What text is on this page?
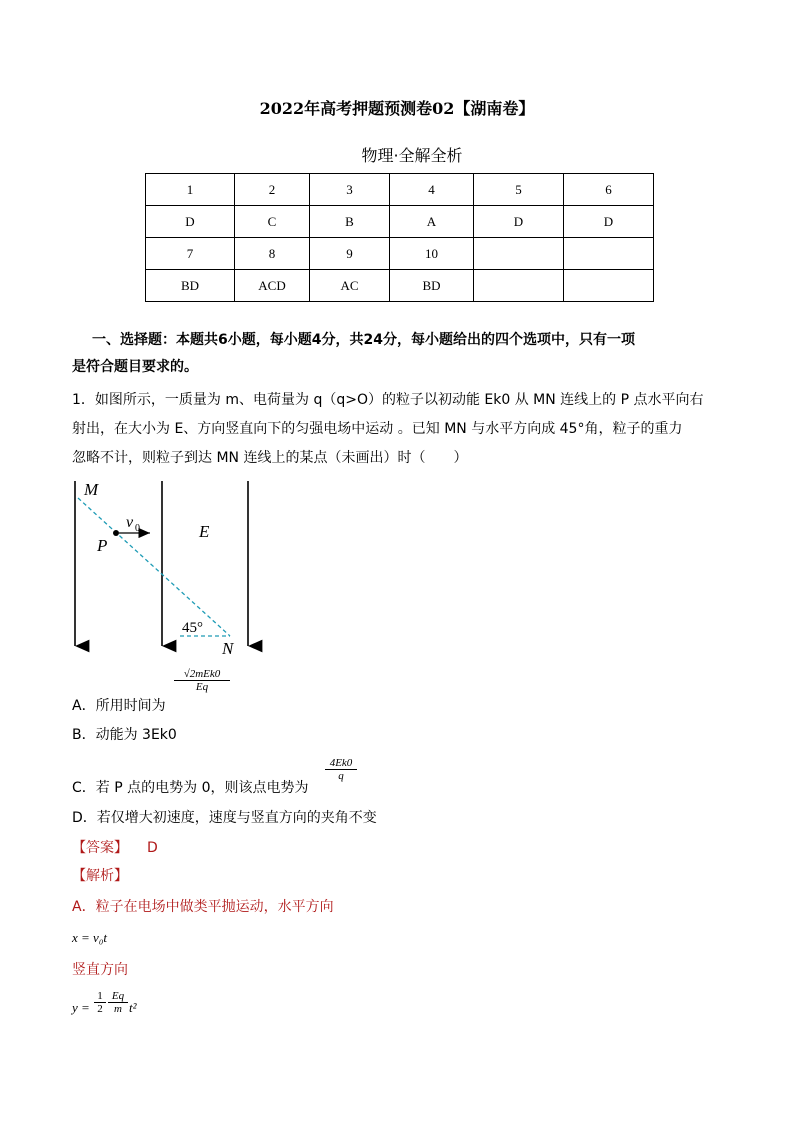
2022年高考押题预测卷02【湖南卷】
物理·全解全析
1	2	3	4	5	6
D	C	B	A	D	D
7	8	9	10		
BD	ACD	AC	BD		
一、选择题：本题共6小题，每小题4分，共24分，每小题给出的四个选项中，只有一项
是符合题目要求的。
1．如图所示，一质量为 m、电荷量为 q（q>O）的粒子以初动能 Ek0 从 MN 连线上的 P 点水平向右
射出，在大小为 E、方向竖直向下的匀强电场中运动 。已知 MN 与水平方向成 45°角，粒子的重力
忽略不计，则粒子到达 MN 连线上的某点（未画出）时（　　）
M
P
v 0	E
45°
N
A．所用时间为
√2mEk0
Eq
B．动能为 3Ek0
C．若 P 点的电势为 0，则该点电势为
$\frac{4Ek0}{q}$
D．若仅增大初速度，速度与竖直方向的夹角不变
【答案】 D
【解析】
A．粒子在电场中做类平抛运动，水平方向
x = v₀t
竖直方向
$y = \frac{1}{2} \frac{Eq}{m} t^2$
